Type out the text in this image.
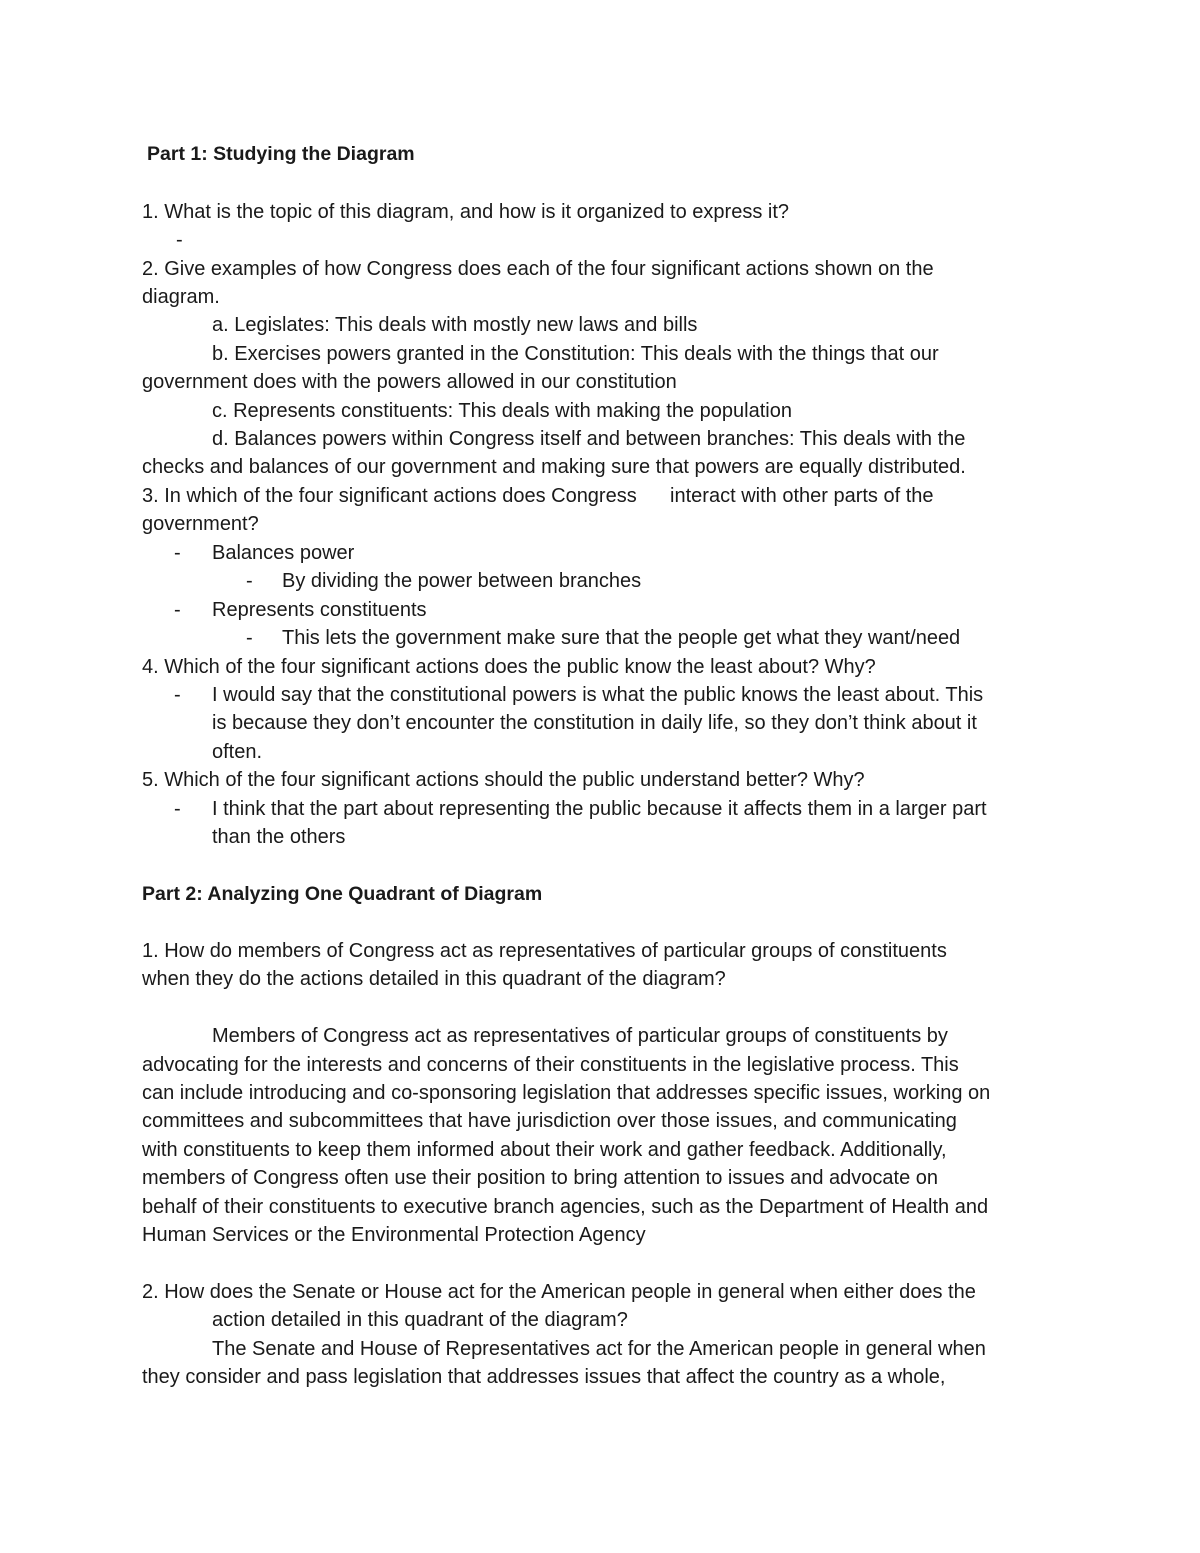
Part 1: Studying the Diagram
1. What is the topic of this diagram, and how is it organized to express it?
-
2. Give examples of how Congress does each of the four significant actions shown on the
diagram.
a. Legislates: This deals with mostly new laws and bills
b. Exercises powers granted in the Constitution: This deals with the things that our
government does with the powers allowed in our constitution
c. Represents constituents: This deals with making the population
d. Balances powers within Congress itself and between branches: This deals with the
checks and balances of our government and making sure that powers are equally distributed.
3. In which of the four significant actions does Congress      interact with other parts of the
government?
- Balances power
- By dividing the power between branches
- Represents constituents
- This lets the government make sure that the people get what they want/need
4. Which of the four significant actions does the public know the least about? Why?
- I would say that the constitutional powers is what the public knows the least about. This
is because they don’t encounter the constitution in daily life, so they don’t think about it
often.
5. Which of the four significant actions should the public understand better? Why?
- I think that the part about representing the public because it affects them in a larger part
than the others
Part 2: Analyzing One Quadrant of Diagram
1. How do members of Congress act as representatives of particular groups of constituents
when they do the actions detailed in this quadrant of the diagram?
Members of Congress act as representatives of particular groups of constituents by
advocating for the interests and concerns of their constituents in the legislative process. This
can include introducing and co-sponsoring legislation that addresses specific issues, working on
committees and subcommittees that have jurisdiction over those issues, and communicating
with constituents to keep them informed about their work and gather feedback. Additionally,
members of Congress often use their position to bring attention to issues and advocate on
behalf of their constituents to executive branch agencies, such as the Department of Health and
Human Services or the Environmental Protection Agency
2. How does the Senate or House act for the American people in general when either does the
action detailed in this quadrant of the diagram?
The Senate and House of Representatives act for the American people in general when
they consider and pass legislation that addresses issues that affect the country as a whole,
